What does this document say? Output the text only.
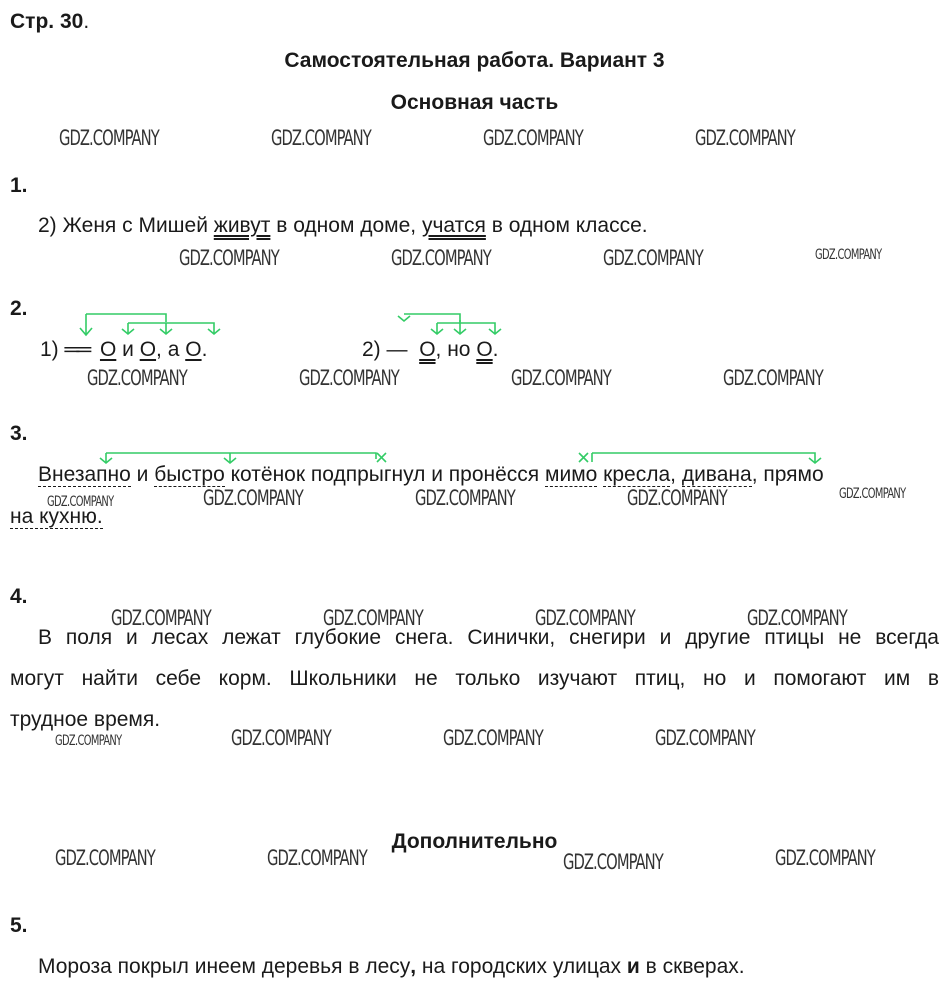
Стр. 30.
Самостоятельная работа. Вариант 3
Основная часть
GDZ.COMPANY	GDZ.COMPANY	GDZ.COMPANY	GDZ.COMPANY
1.
2) Женя с Мишей живут в одном доме, учатся в одном классе.
GDZ.COMPANY	GDZ.COMPANY	GDZ.COMPANY	GDZ.COMPANY
2.
1) ══ О и О, а О.	2) —  О, но О.
GDZ.COMPANY	GDZ.COMPANY	GDZ.COMPANY	GDZ.COMPANY
3.
Внезапно и быстро котёнок подпрыгнул и пронёсся мимо кресла, дивана, прямо
на кухню.
GDZ.COMPANY	GDZ.COMPANY	GDZ.COMPANY	GDZ.COMPANY	GDZ.COMPANY
4.
GDZ.COMPANY	GDZ.COMPANY	GDZ.COMPANY	GDZ.COMPANY
В поля и лесах лежат глубокие снега. Синички, снегири и другие птицы не всегда
могут найти себе корм. Школьники не только изучают птиц, но и помогают им в
трудное время.
GDZ.COMPANY	GDZ.COMPANY	GDZ.COMPANY	GDZ.COMPANY
Дополнительно
GDZ.COMPANY	GDZ.COMPANY	GDZ.COMPANY	GDZ.COMPANY
5.
Мороза покрыл инеем деревья в лесу, на городских улицах и в скверах.
